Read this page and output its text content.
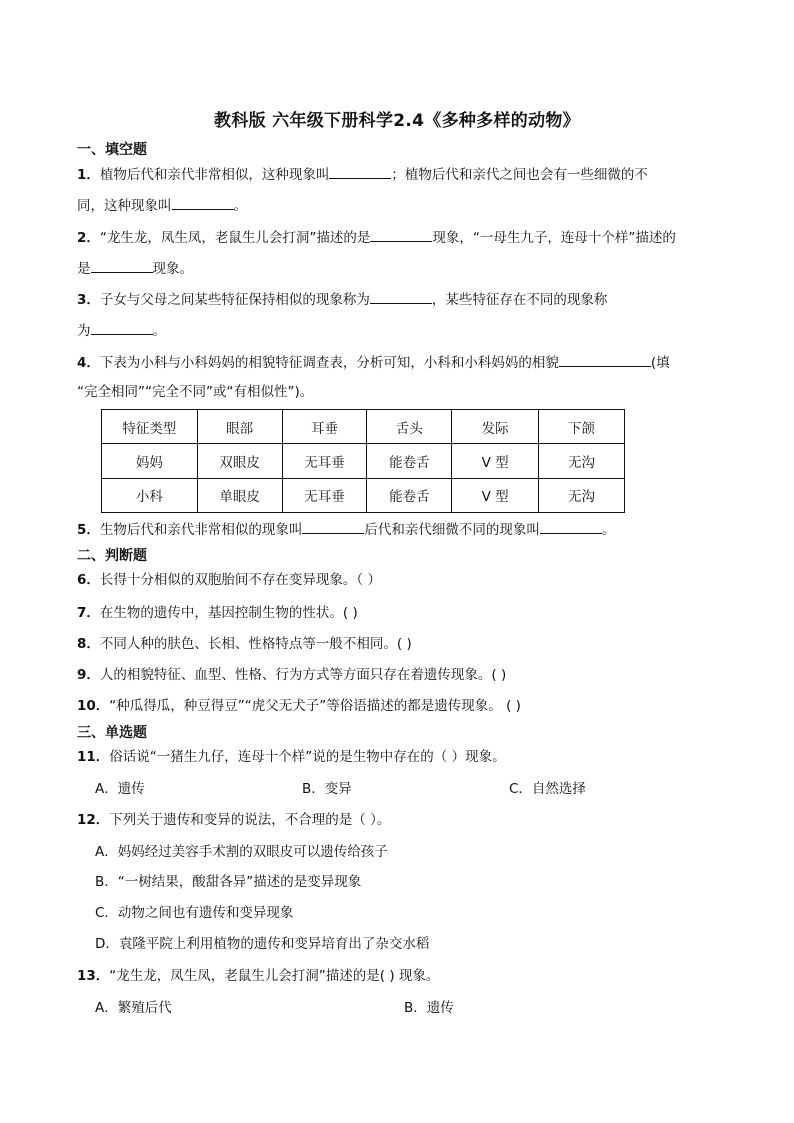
教科版 六年级下册科学2.4《多种多样的动物》
一、填空题
1．植物后代和亲代非常相似，这种现象叫	；植物后代和亲代之间也会有一些细微的不
同，这种现象叫	。
2．“龙生龙，凤生凤，老鼠生儿会打洞”描述的是	现象，“一母生九子，连母十个样”描述的
是	现象。
3．子女与父母之间某些特征保持相似的现象称为	，某些特征存在不同的现象称
为	。
4．下表为小科与小科妈妈的相貌特征调查表，分析可知，小科和小科妈妈的相貌	(填
“完全相同”“完全不同”或“有相似性”)。
特征类型	眼部	耳垂	舌头	发际	下颌
妈妈	双眼皮	无耳垂	能卷舌	V 型	无沟
小科	单眼皮	无耳垂	能卷舌	V 型	无沟
5．生物后代和亲代非常相似的现象叫	后代和亲代细微不同的现象叫	。
二、判断题
6．长得十分相似的双胞胎间不存在变异现象。（ ）
7．在生物的遗传中，基因控制生物的性状。( )
8．不同人种的肤色、长相、性格特点等一般不相同。( )
9．人的相貌特征、血型、性格、行为方式等方面只存在着遗传现象。( )
10．“种瓜得瓜，种豆得豆”“虎父无犬子”等俗语描述的都是遗传现象。 ( )
三、单选题
11．俗话说“一猪生九仔，连母十个样”说的是生物中存在的（ ）现象。
A．遗传	B．变异	C．自然选择
12．下列关于遗传和变异的说法，不合理的是（ ）。
A．妈妈经过美容手术割的双眼皮可以遗传给孩子
B．“一树结果，酸甜各异”描述的是变异现象
C．动物之间也有遗传和变异现象
D．袁隆平院上利用植物的遗传和变异培育出了杂交水稻
13．“龙生龙，凤生凤，老鼠生儿会打洞”描述的是( ) 现象。
A．繁殖后代	B．遗传
